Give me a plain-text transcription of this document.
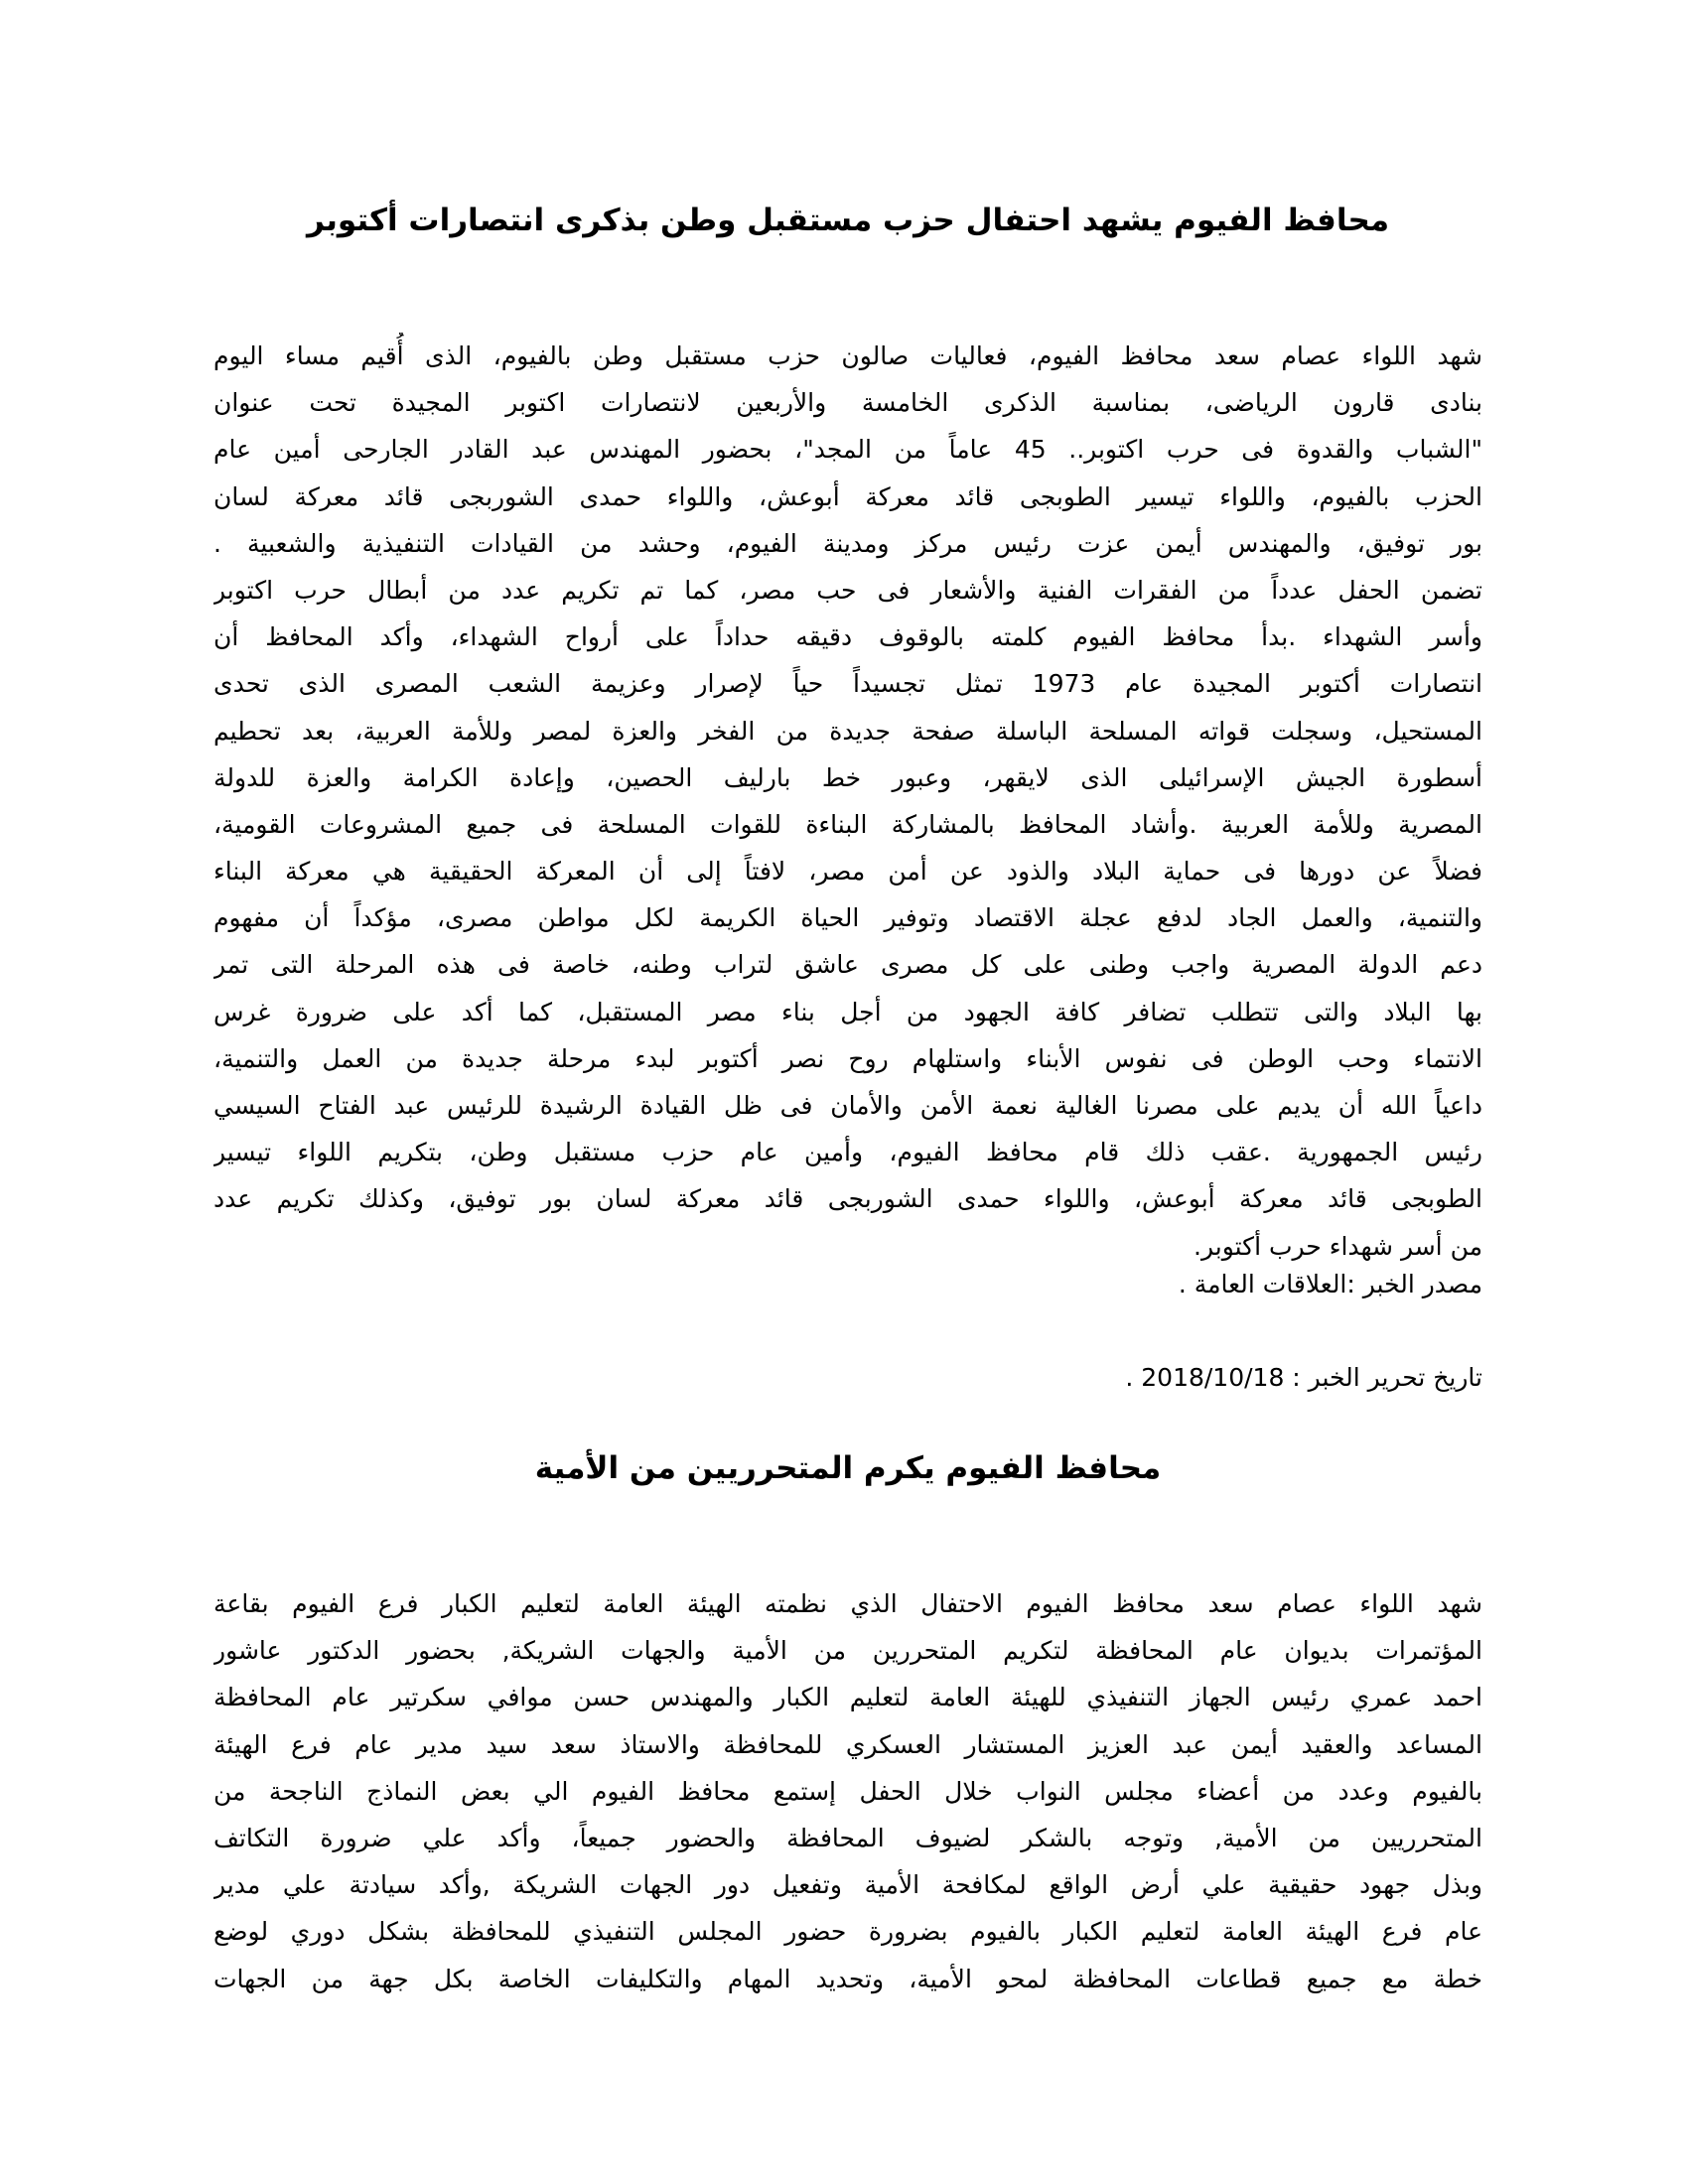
محافظ الفيوم يشهد احتفال حزب مستقبل وطن بذكرى انتصارات أكتوبر
شهد اللواء عصام سعد محافظ الفيوم، فعاليات صالون حزب مستقبل وطن بالفيوم، الذى أُقيم مساء اليوم
بنادى قارون الرياضى، بمناسبة الذكرى الخامسة والأربعين لانتصارات اكتوبر المجيدة تحت عنوان
"الشباب والقدوة فى حرب اكتوبر.. 45 عاماً من المجد"، بحضور المهندس عبد القادر الجارحى أمين عام
الحزب بالفيوم، واللواء تيسير الطوبجى قائد معركة أبوعش، واللواء حمدى الشوربجى قائد معركة لسان
بور توفيق، والمهندس أيمن عزت رئيس مركز ومدينة الفيوم، وحشد من القيادات التنفيذية والشعبية .
تضمن الحفل عدداً من الفقرات الفنية والأشعار فى حب مصر، كما تم تكريم عدد من أبطال حرب اكتوبر
وأسر الشهداء .بدأ محافظ الفيوم كلمته بالوقوف دقيقه حداداً على أرواح الشهداء، وأكد المحافظ أن
انتصارات أكتوبر المجيدة عام 1973 تمثل تجسيداً حياً لإصرار وعزيمة الشعب المصرى الذى تحدى
المستحيل، وسجلت قواته المسلحة الباسلة صفحة جديدة من الفخر والعزة لمصر وللأمة العربية، بعد تحطيم
أسطورة الجيش الإسرائيلى الذى لايقهر، وعبور خط بارليف الحصين، وإعادة الكرامة والعزة للدولة
المصرية وللأمة العربية .وأشاد المحافظ بالمشاركة البناءة للقوات المسلحة فى جميع المشروعات القومية،
فضلاً عن دورها فى حماية البلاد والذود عن أمن مصر، لافتاً إلى أن المعركة الحقيقية هي معركة البناء
والتنمية، والعمل الجاد لدفع عجلة الاقتصاد وتوفير الحياة الكريمة لكل مواطن مصرى، مؤكداً أن مفهوم
دعم الدولة المصرية واجب وطنى على كل مصرى عاشق لتراب وطنه، خاصة فى هذه المرحلة التى تمر
بها البلاد والتى تتطلب تضافر كافة الجهود من أجل بناء مصر المستقبل، كما أكد على ضرورة غرس
الانتماء وحب الوطن فى نفوس الأبناء واستلهام روح نصر أكتوبر لبدء مرحلة جديدة من العمل والتنمية،
داعياً الله أن يديم على مصرنا الغالية نعمة الأمن والأمان فى ظل القيادة الرشيدة للرئيس عبد الفتاح السيسي
رئيس الجمهورية .عقب ذلك قام محافظ الفيوم، وأمين عام حزب مستقبل وطن، بتكريم اللواء تيسير
الطوبجى قائد معركة أبوعش، واللواء حمدى الشوربجى قائد معركة لسان بور توفيق، وكذلك تكريم عدد
من أسر شهداء حرب أكتوبر.

مصدر الخبر :العلاقات العامة .

تاريخ تحرير الخبر : 2018/10/18 .

محافظ الفيوم يكرم المتحرريين من الأمية
شهد اللواء عصام سعد محافظ الفيوم الاحتفال الذي نظمته الهيئة العامة لتعليم الكبار فرع الفيوم بقاعة
المؤتمرات بديوان عام المحافظة لتكريم المتحررين من الأمية والجهات الشريكة, بحضور الدكتور عاشور
احمد عمري رئيس الجهاز التنفيذي للهيئة العامة لتعليم الكبار والمهندس حسن موافي سكرتير عام المحافظة
المساعد والعقيد أيمن عبد العزيز المستشار العسكري للمحافظة والاستاذ سعد سيد مدير عام فرع الهيئة
بالفيوم وعدد من أعضاء مجلس النواب خلال الحفل إستمع محافظ الفيوم الي بعض النماذج الناجحة من
المتحرريين من الأمية, وتوجه بالشكر لضيوف المحافظة والحضور جميعاً، وأكد علي ضرورة التكاتف
وبذل جهود حقيقية علي أرض الواقع لمكافحة الأمية وتفعيل دور الجهات الشريكة ,وأكد سيادتة علي مدير
عام فرع الهيئة العامة لتعليم الكبار بالفيوم بضرورة حضور المجلس التنفيذي للمحافظة بشكل دوري لوضع
خطة مع جميع قطاعات المحافظة لمحو الأمية، وتحديد المهام والتكليفات الخاصة بكل جهة من الجهات
